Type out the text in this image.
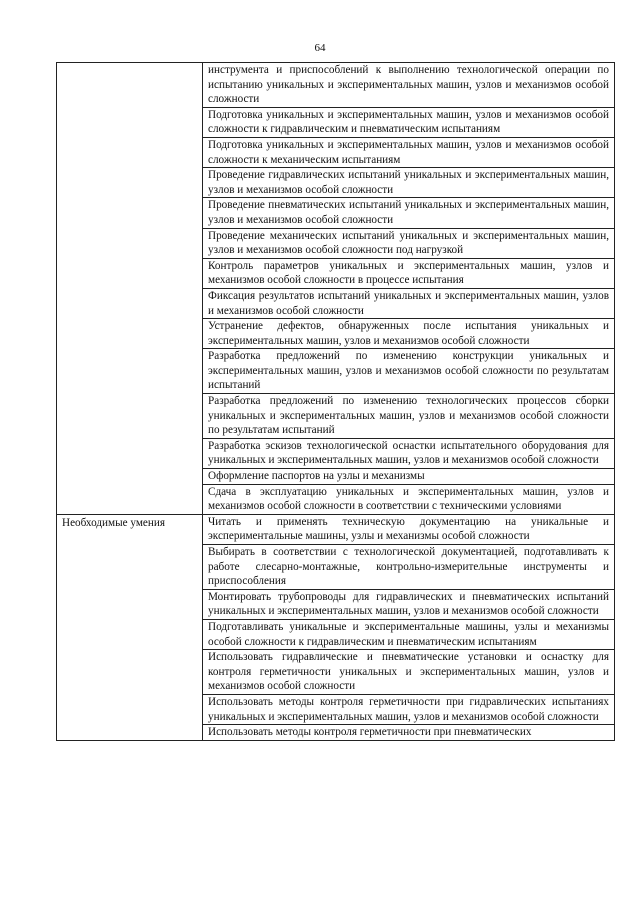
64
	инструмента и приспособлений к выполнению технологической операции по испытанию уникальных и экспериментальных машин, узлов и механизмов особой сложности
	Подготовка уникальных и экспериментальных машин, узлов и механизмов особой сложности к гидравлическим и пневматическим испытаниям
	Подготовка уникальных и экспериментальных машин, узлов и механизмов особой сложности к механическим испытаниям
	Проведение гидравлических испытаний уникальных и экспериментальных машин, узлов и механизмов особой сложности
	Проведение пневматических испытаний уникальных и экспериментальных машин, узлов и механизмов особой сложности
	Проведение механических испытаний уникальных и экспериментальных машин, узлов и механизмов особой сложности под нагрузкой
	Контроль параметров уникальных и экспериментальных машин, узлов и механизмов особой сложности в процессе испытания
	Фиксация результатов испытаний уникальных и экспериментальных машин, узлов и механизмов особой сложности
	Устранение дефектов, обнаруженных после испытания уникальных и экспериментальных машин, узлов и механизмов особой сложности
	Разработка предложений по изменению конструкции уникальных и экспериментальных машин, узлов и механизмов особой сложности по результатам испытаний
	Разработка предложений по изменению технологических процессов сборки уникальных и экспериментальных машин, узлов и механизмов особой сложности по результатам испытаний
	Разработка эскизов технологической оснастки испытательного оборудования для уникальных и экспериментальных машин, узлов и механизмов особой сложности
	Оформление паспортов на узлы и механизмы
	Сдача в эксплуатацию уникальных и экспериментальных машин, узлов и механизмов особой сложности в соответствии с техническими условиями

Необходимые умения	Читать и применять техническую документацию на уникальные и экспериментальные машины, узлы и механизмы особой сложности
	Выбирать в соответствии с технологической документацией, подготавливать к работе слесарно-монтажные, контрольно-измерительные инструменты и приспособления
	Монтировать трубопроводы для гидравлических и пневматических испытаний уникальных и экспериментальных машин, узлов и механизмов особой сложности
	Подготавливать уникальные и экспериментальные машины, узлы и механизмы особой сложности к гидравлическим и пневматическим испытаниям
	Использовать гидравлические и пневматические установки и оснастку для контроля герметичности уникальных и экспериментальных машин, узлов и механизмов особой сложности
	Использовать методы контроля герметичности при гидравлических испытаниях уникальных и экспериментальных машин, узлов и механизмов особой сложности
	Использовать методы контроля герметичности при пневматических
